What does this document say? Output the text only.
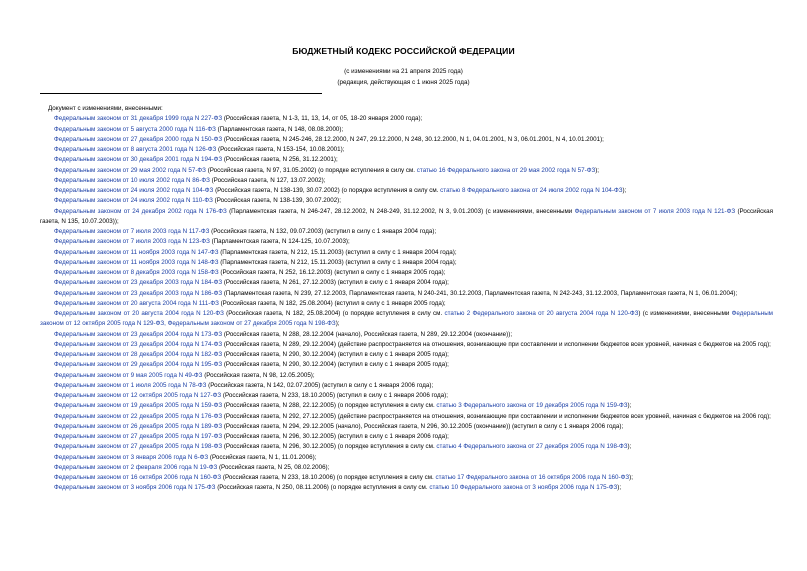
БЮДЖЕТНЫЙ КОДЕКС РОССИЙСКОЙ ФЕДЕРАЦИИ
(с изменениями на 21 апреля 2025 года)
(редакция, действующая с 1 июня 2025 года)
Документ с изменениями, внесенными:
Федеральным законом от 31 декабря 1999 года N 227-ФЗ (Российская газета, N 1-3, 11, 13, 14, от 05, 18-20 января 2000 года);
Федеральным законом от 5 августа 2000 года N 116-ФЗ (Парламентская газета, N 148, 08.08.2000);
Федеральным законом от 27 декабря 2000 года N 150-ФЗ (Российская газета, N 245-246, 28.12.2000, N 247, 29.12.2000, N 248, 30.12.2000, N 1, 04.01.2001, N 3, 06.01.2001, N 4, 10.01.2001);
Федеральным законом от 8 августа 2001 года N 126-ФЗ (Российская газета, N 153-154, 10.08.2001);
Федеральным законом от 30 декабря 2001 года N 194-ФЗ (Российская газета, N 256, 31.12.2001);
Федеральным законом от 29 мая 2002 года N 57-ФЗ (Российская газета, N 97, 31.05.2002) (о порядке вступления в силу см. статью 16 Федерального закона от 29 мая 2002 года N 57-ФЗ);
Федеральным законом от 10 июля 2002 года N 86-ФЗ (Российская газета, N 127, 13.07.2002);
Федеральным законом от 24 июля 2002 года N 104-ФЗ (Российская газета, N 138-139, 30.07.2002) (о порядке вступления в силу см. статью 8 Федерального закона от 24 июля 2002 года N 104-ФЗ);
Федеральным законом от 24 июля 2002 года N 110-ФЗ (Российская газета, N 138-139, 30.07.2002);
Федеральным законом от 24 декабря 2002 года N 176-ФЗ (Парламентская газета, N 246-247, 28.12.2002, N 248-249, 31.12.2002, N 3, 9.01.2003) (с изменениями, внесенными Федеральным законом от 7 июля 2003 года N 121-ФЗ (Российская газета, N 135, 10.07.2003));
Федеральным законом от 7 июля 2003 года N 117-ФЗ (Российская газета, N 132, 09.07.2003) (вступил в силу с 1 января 2004 года);
Федеральным законом от 7 июля 2003 года N 123-ФЗ (Парламентская газета, N 124-125, 10.07.2003);
Федеральным законом от 11 ноября 2003 года N 147-ФЗ (Парламентская газета, N 212, 15.11.2003) (вступил в силу с 1 января 2004 года);
Федеральным законом от 11 ноября 2003 года N 148-ФЗ (Парламентская газета, N 212, 15.11.2003) (вступил в силу с 1 января 2004 года);
Федеральным законом от 8 декабря 2003 года N 158-ФЗ (Российская газета, N 252, 16.12.2003) (вступил в силу с 1 января 2005 года);
Федеральным законом от 23 декабря 2003 года N 184-ФЗ (Российская газета, N 261, 27.12.2003) (вступил в силу с 1 января 2004 года);
Федеральным законом от 23 декабря 2003 года N 186-ФЗ (Парламентская газета, N 239, 27.12.2003, Парламентская газета, N 240-241, 30.12.2003, Парламентская газета, N 242-243, 31.12.2003, Парламентская газета, N 1, 06.01.2004);
Федеральным законом от 20 августа 2004 года N 111-ФЗ (Российская газета, N 182, 25.08.2004) (вступил в силу с 1 января 2005 года);
Федеральным законом от 20 августа 2004 года N 120-ФЗ (Российская газета, N 182, 25.08.2004) (о порядке вступления в силу см. статью 2 Федерального закона от 20 августа 2004 года N 120-ФЗ) (с изменениями, внесенными Федеральным законом от 12 октября 2005 года N 129-ФЗ, Федеральным законом от 27 декабря 2005 года N 198-ФЗ);
Федеральным законом от 23 декабря 2004 года N 173-ФЗ (Российская газета, N 288, 28.12.2004 (начало), Российская газета, N 289, 29.12.2004 (окончание));
Федеральным законом от 23 декабря 2004 года N 174-ФЗ (Российская газета, N 289, 29.12.2004) (действие распространяется на отношения, возникающие при составлении и исполнении бюджетов всех уровней, начиная с бюджетов на 2005 год);
Федеральным законом от 28 декабря 2004 года N 182-ФЗ (Российская газета, N 290, 30.12.2004) (вступил в силу с 1 января 2005 года);
Федеральным законом от 29 декабря 2004 года N 195-ФЗ (Российская газета, N 290, 30.12.2004) (вступил в силу с 1 января 2005 года);
Федеральным законом от 9 мая 2005 года N 49-ФЗ (Российская газета, N 98, 12.05.2005);
Федеральным законом от 1 июля 2005 года N 78-ФЗ (Российская газета, N 142, 02.07.2005) (вступил в силу с 1 января 2006 года);
Федеральным законом от 12 октября 2005 года N 127-ФЗ (Российская газета, N 233, 18.10.2005) (вступил в силу с 1 января 2006 года);
Федеральным законом от 19 декабря 2005 года N 159-ФЗ (Российская газета, N 288, 22.12.2005) (о порядке вступления в силу см. статью 3 Федерального закона от 19 декабря 2005 года N 159-ФЗ);
Федеральным законом от 22 декабря 2005 года N 176-ФЗ (Российская газета, N 292, 27.12.2005) (действие распространяется на отношения, возникающие при составлении и исполнении бюджетов всех уровней, начиная с бюджетов на 2006 год);
Федеральным законом от 26 декабря 2005 года N 189-ФЗ (Российская газета, N 294, 29.12.2005 (начало), Российская газета, N 296, 30.12.2005 (окончание)) (вступил в силу с 1 января 2006 года);
Федеральным законом от 27 декабря 2005 года N 197-ФЗ (Российская газета, N 296, 30.12.2005) (вступил в силу с 1 января 2006 года);
Федеральным законом от 27 декабря 2005 года N 198-ФЗ (Российская газета, N 296, 30.12.2005) (о порядке вступления в силу см. статью 4 Федерального закона от 27 декабря 2005 года N 198-ФЗ);
Федеральным законом от 3 января 2006 года N 6-ФЗ (Российская газета, N 1, 11.01.2006);
Федеральным законом от 2 февраля 2006 года N 19-ФЗ (Российская газета, N 25, 08.02.2006);
Федеральным законом от 16 октября 2006 года N 160-ФЗ (Российская газета, N 233, 18.10.2006) (о порядке вступления в силу см. статью 17 Федерального закона от 16 октября 2006 года N 160-ФЗ);
Федеральным законом от 3 ноября 2006 года N 175-ФЗ (Российская газета, N 250, 08.11.2006) (о порядке вступления в силу см. статью 10 Федерального закона от 3 ноября 2006 года N 175-ФЗ);
